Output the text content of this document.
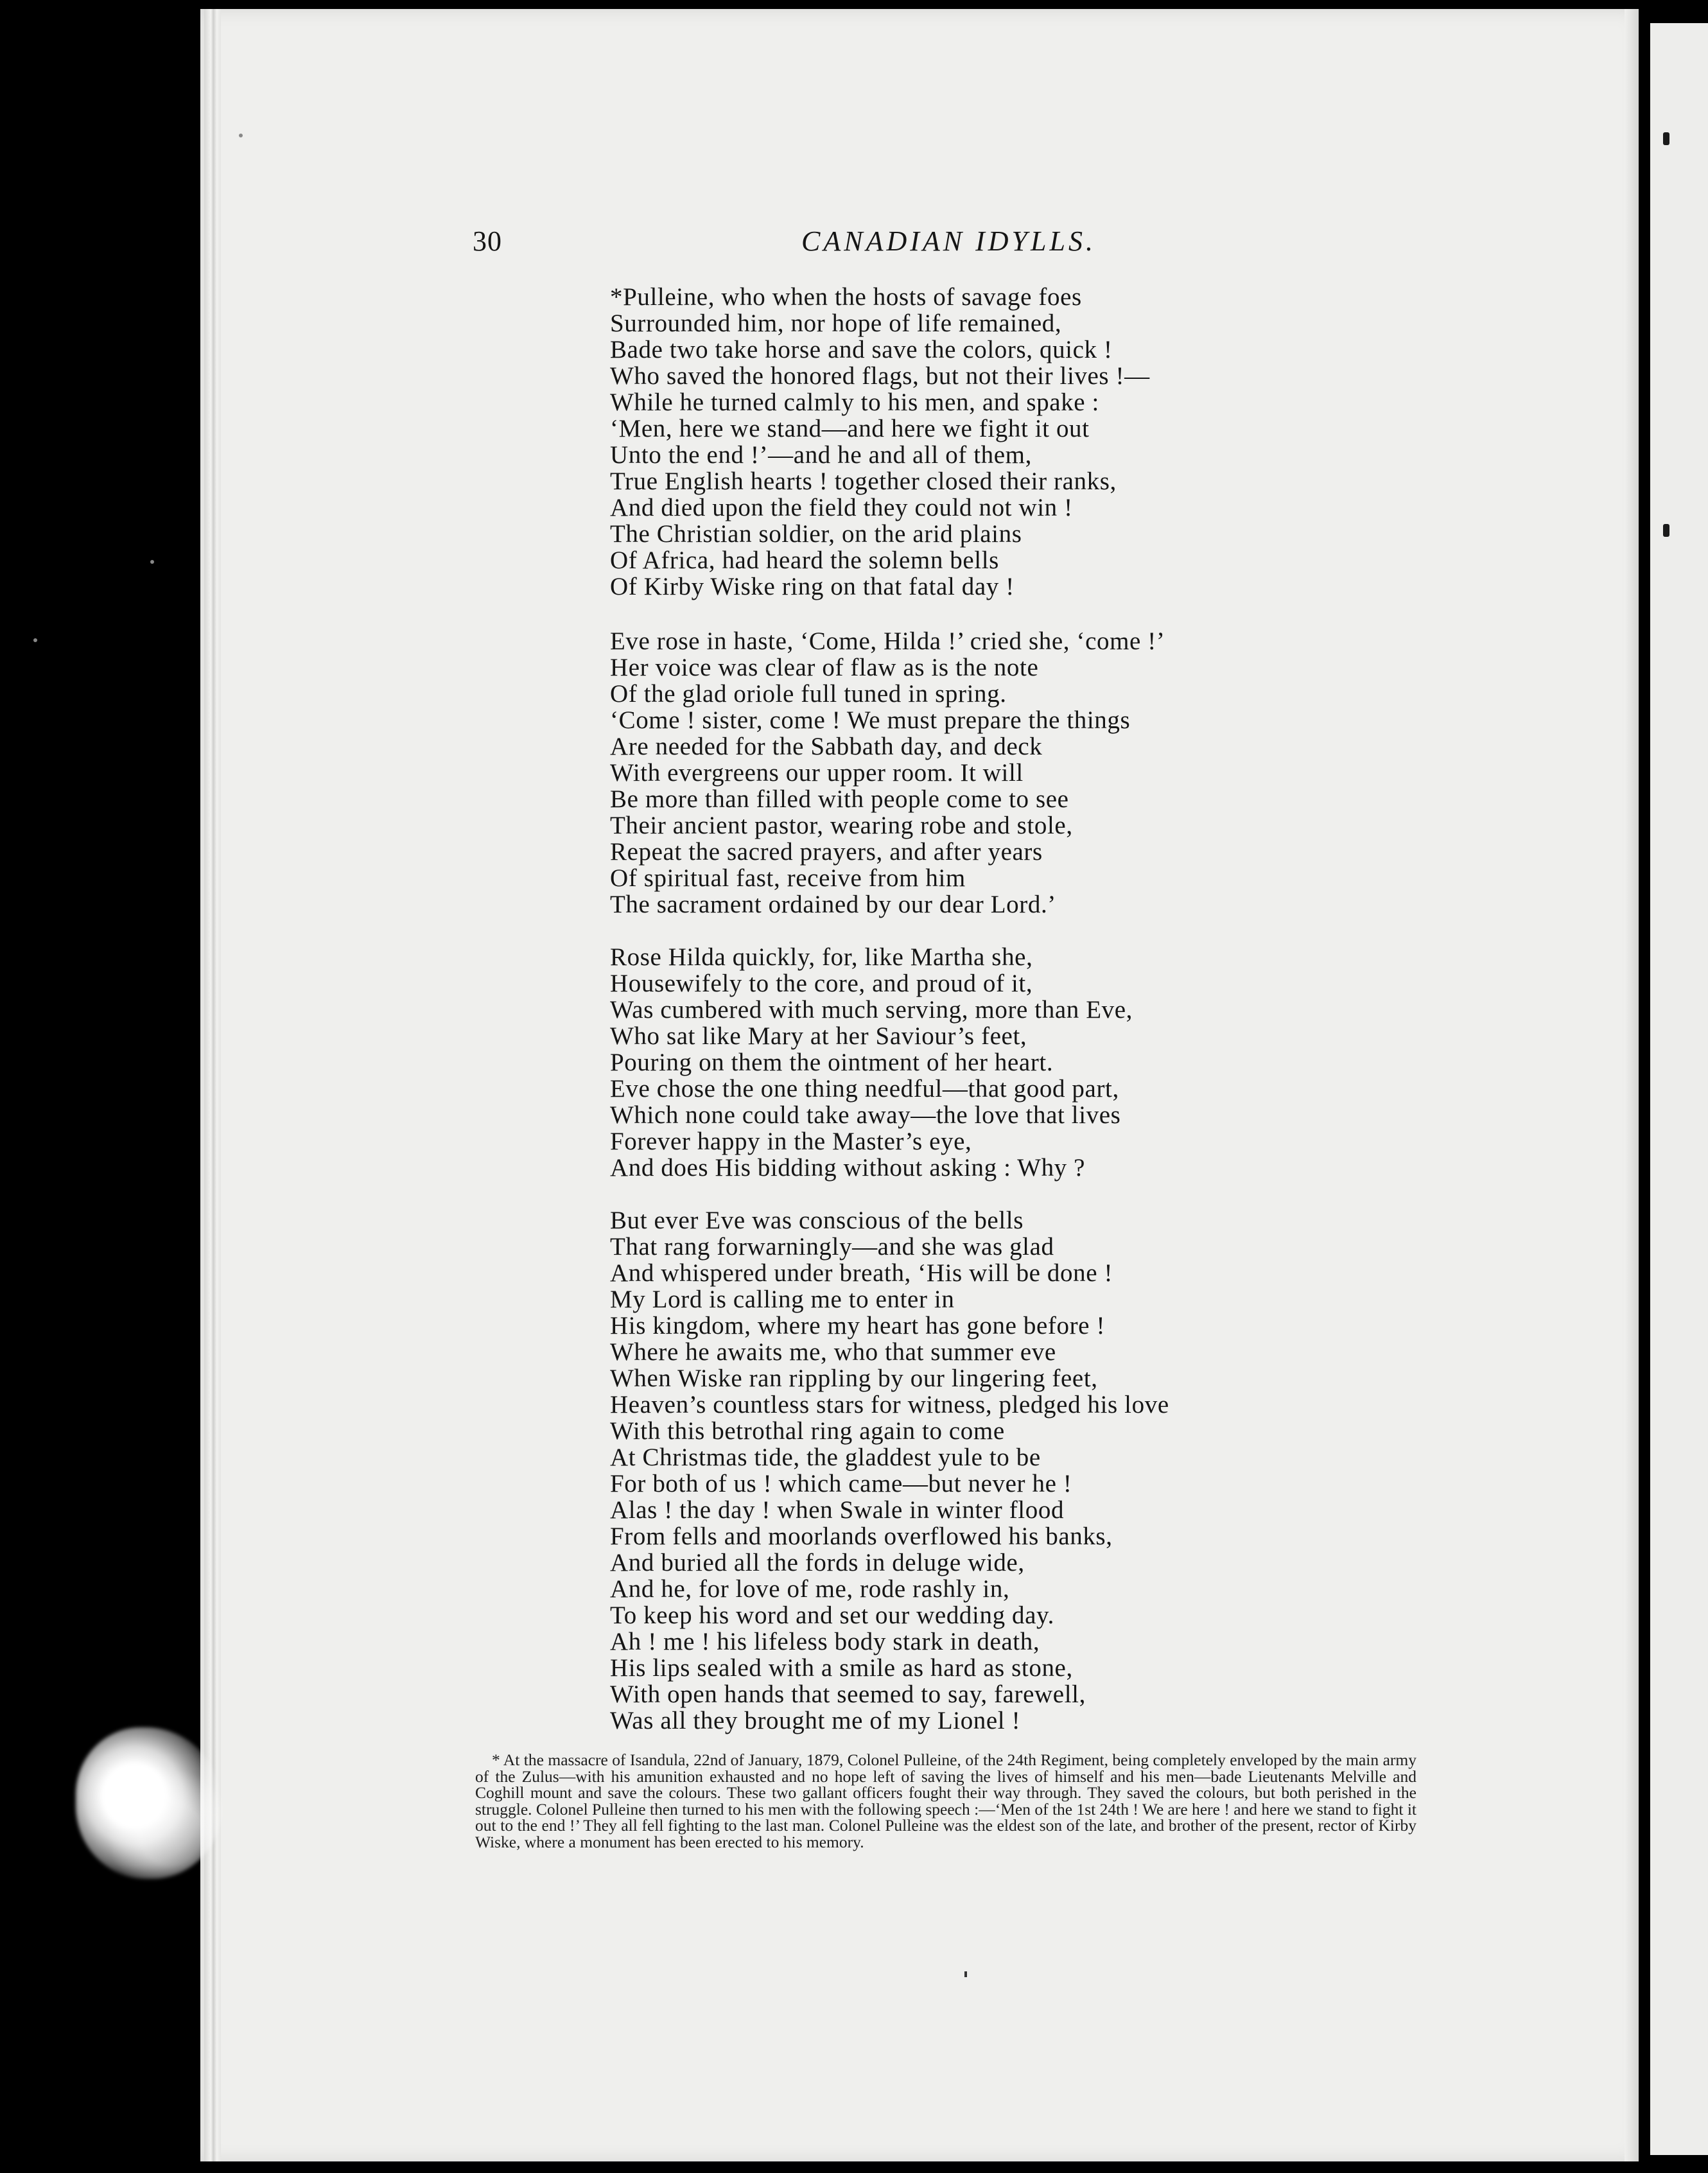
30	CANADIAN IDYLLS.
*Pulleine, who when the hosts of savage foes
Surrounded him, nor hope of life remained,
Bade two take horse and save the colors, quick !
Who saved the honored flags, but not their lives !—
While he turned calmly to his men, and spake :
‘Men, here we stand—and here we fight it out
Unto the end !’—and he and all of them,
True English hearts ! together closed their ranks,
And died upon the field they could not win !
The Christian soldier, on the arid plains
Of Africa, had heard the solemn bells
Of Kirby Wiske ring on that fatal day !
Eve rose in haste, ‘Come, Hilda !’ cried she, ‘come !’
Her voice was clear of flaw as is the note
Of the glad oriole full tuned in spring.
‘Come ! sister, come ! We must prepare the things
Are needed for the Sabbath day, and deck
With evergreens our upper room. It will
Be more than filled with people come to see
Their ancient pastor, wearing robe and stole,
Repeat the sacred prayers, and after years
Of spiritual fast, receive from him
The sacrament ordained by our dear Lord.’
Rose Hilda quickly, for, like Martha she,
Housewifely to the core, and proud of it,
Was cumbered with much serving, more than Eve,
Who sat like Mary at her Saviour’s feet,
Pouring on them the ointment of her heart.
Eve chose the one thing needful—that good part,
Which none could take away—the love that lives
Forever happy in the Master’s eye,
And does His bidding without asking : Why ?
But ever Eve was conscious of the bells
That rang forwarningly—and she was glad
And whispered under breath, ‘His will be done !
My Lord is calling me to enter in
His kingdom, where my heart has gone before !
Where he awaits me, who that summer eve
When Wiske ran rippling by our lingering feet,
Heaven’s countless stars for witness, pledged his love
With this betrothal ring again to come
At Christmas tide, the gladdest yule to be
For both of us ! which came—but never he !
Alas ! the day ! when Swale in winter flood
From fells and moorlands overflowed his banks,
And buried all the fords in deluge wide,
And he, for love of me, rode rashly in,
To keep his word and set our wedding day.
Ah ! me ! his lifeless body stark in death,
His lips sealed with a smile as hard as stone,
With open hands that seemed to say, farewell,
Was all they brought me of my Lionel !

* At the massacre of Isandula, 22nd of January, 1879, Colonel Pulleine, of the 24th Regiment, being completely enveloped by the main army of the Zulus—with his amunition exhausted and no hope left of saving the lives of himself and his men—bade Lieutenants Melville and Coghill mount and save the colours. These two gallant officers fought their way through. They saved the colours, but both perished in the struggle. Colonel Pulleine then turned to his men with the following speech :—‘Men of the 1st 24th ! We are here ! and here we stand to fight it out to the end !’ They all fell fighting to the last man. Colonel Pulleine was the eldest son of the late, and brother of the present, rector of Kirby Wiske, where a monument has been erected to his memory.
